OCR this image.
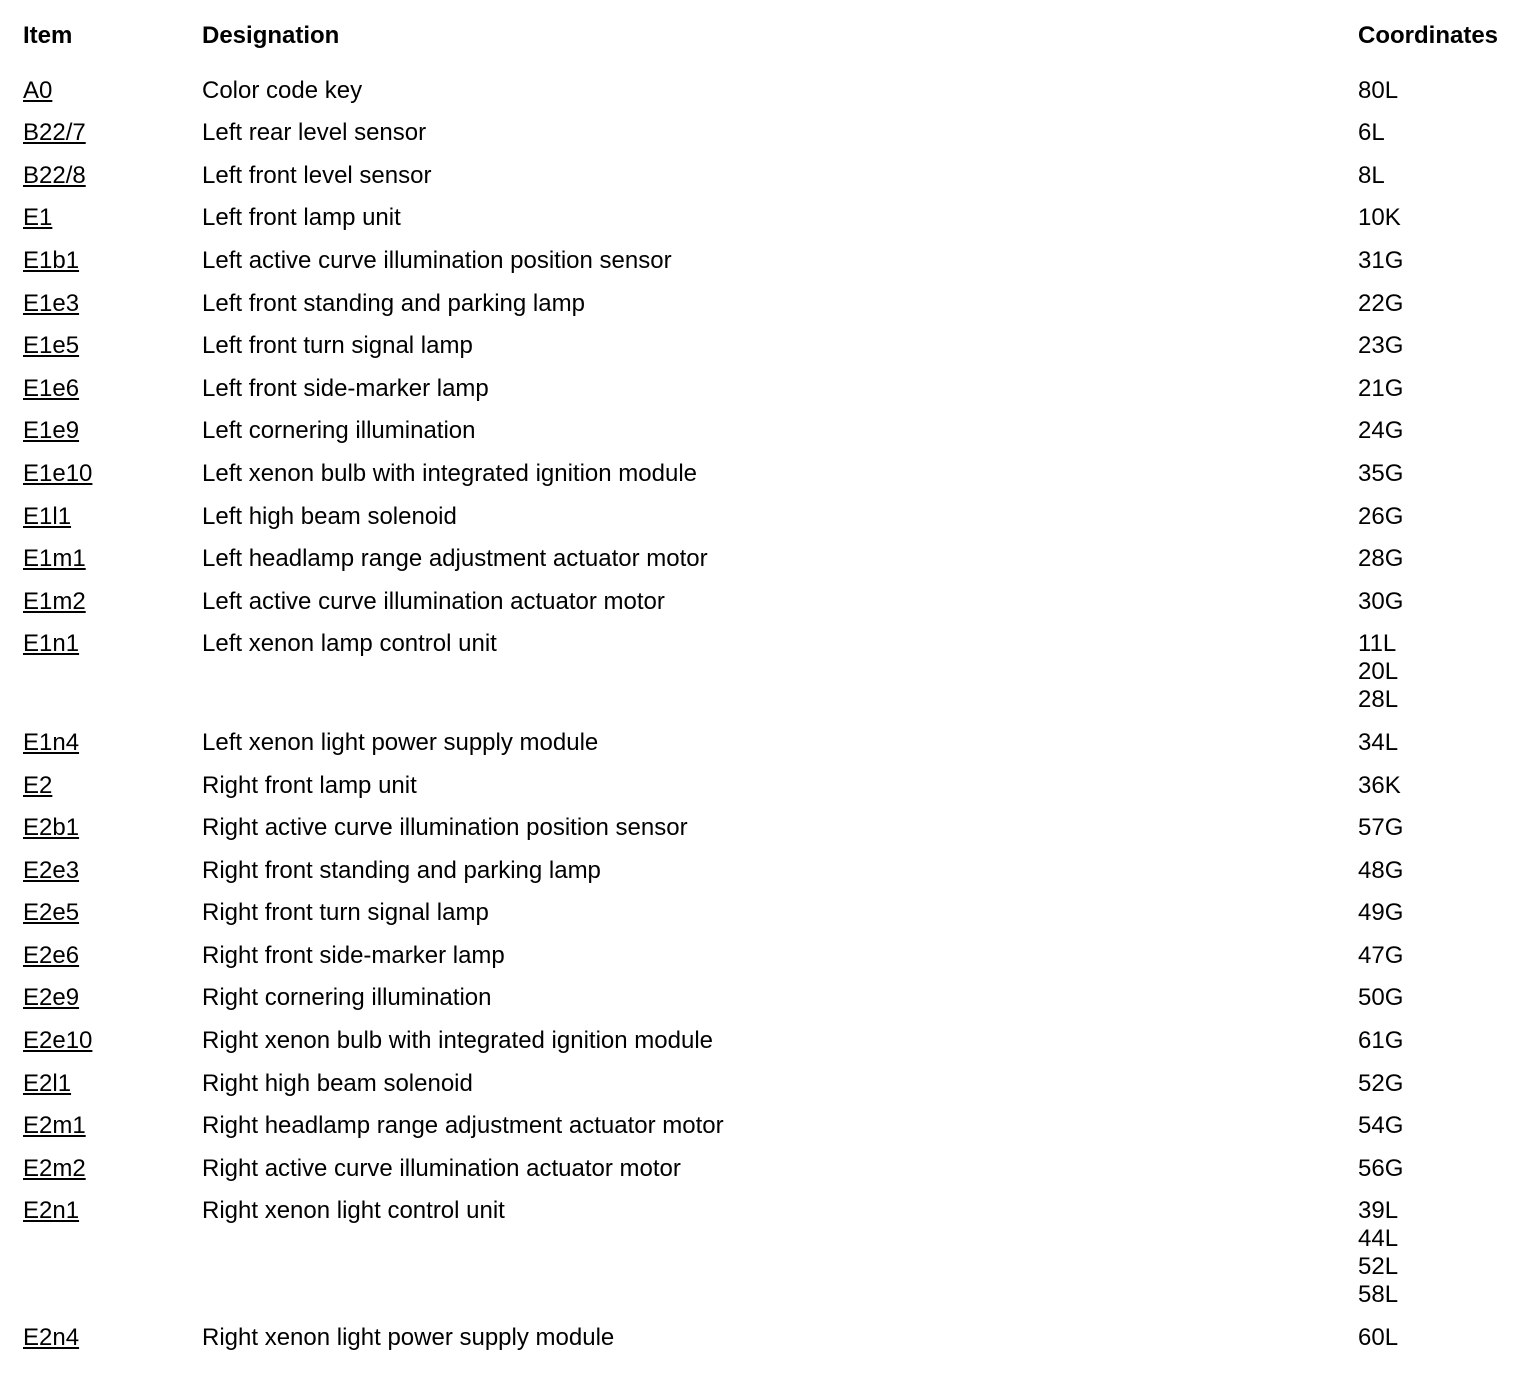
Item	Designation	Coordinates
A0	Color code key	80L

B22/7	Left rear level sensor	6L

B22/8	Left front level sensor	8L

E1	Left front lamp unit	10K

E1b1	Left active curve illumination position sensor	31G

E1e3	Left front standing and parking lamp	22G

E1e5	Left front turn signal lamp	23G

E1e6	Left front side-marker lamp	21G

E1e9	Left cornering illumination	24G

E1e10	Left xenon bulb with integrated ignition module	35G

E1l1	Left high beam solenoid	26G

E1m1	Left headlamp range adjustment actuator motor	28G

E1m2	Left active curve illumination actuator motor	30G

E1n1	Left xenon lamp control unit	11L
20L
28L

E1n4	Left xenon light power supply module	34L

E2	Right front lamp unit	36K

E2b1	Right active curve illumination position sensor	57G

E2e3	Right front standing and parking lamp	48G

E2e5	Right front turn signal lamp	49G

E2e6	Right front side-marker lamp	47G

E2e9	Right cornering illumination	50G

E2e10	Right xenon bulb with integrated ignition module	61G

E2l1	Right high beam solenoid	52G

E2m1	Right headlamp range adjustment actuator motor	54G

E2m2	Right active curve illumination actuator motor	56G

E2n1	Right xenon light control unit	39L
44L
52L
58L

E2n4	Right xenon light power supply module	60L
